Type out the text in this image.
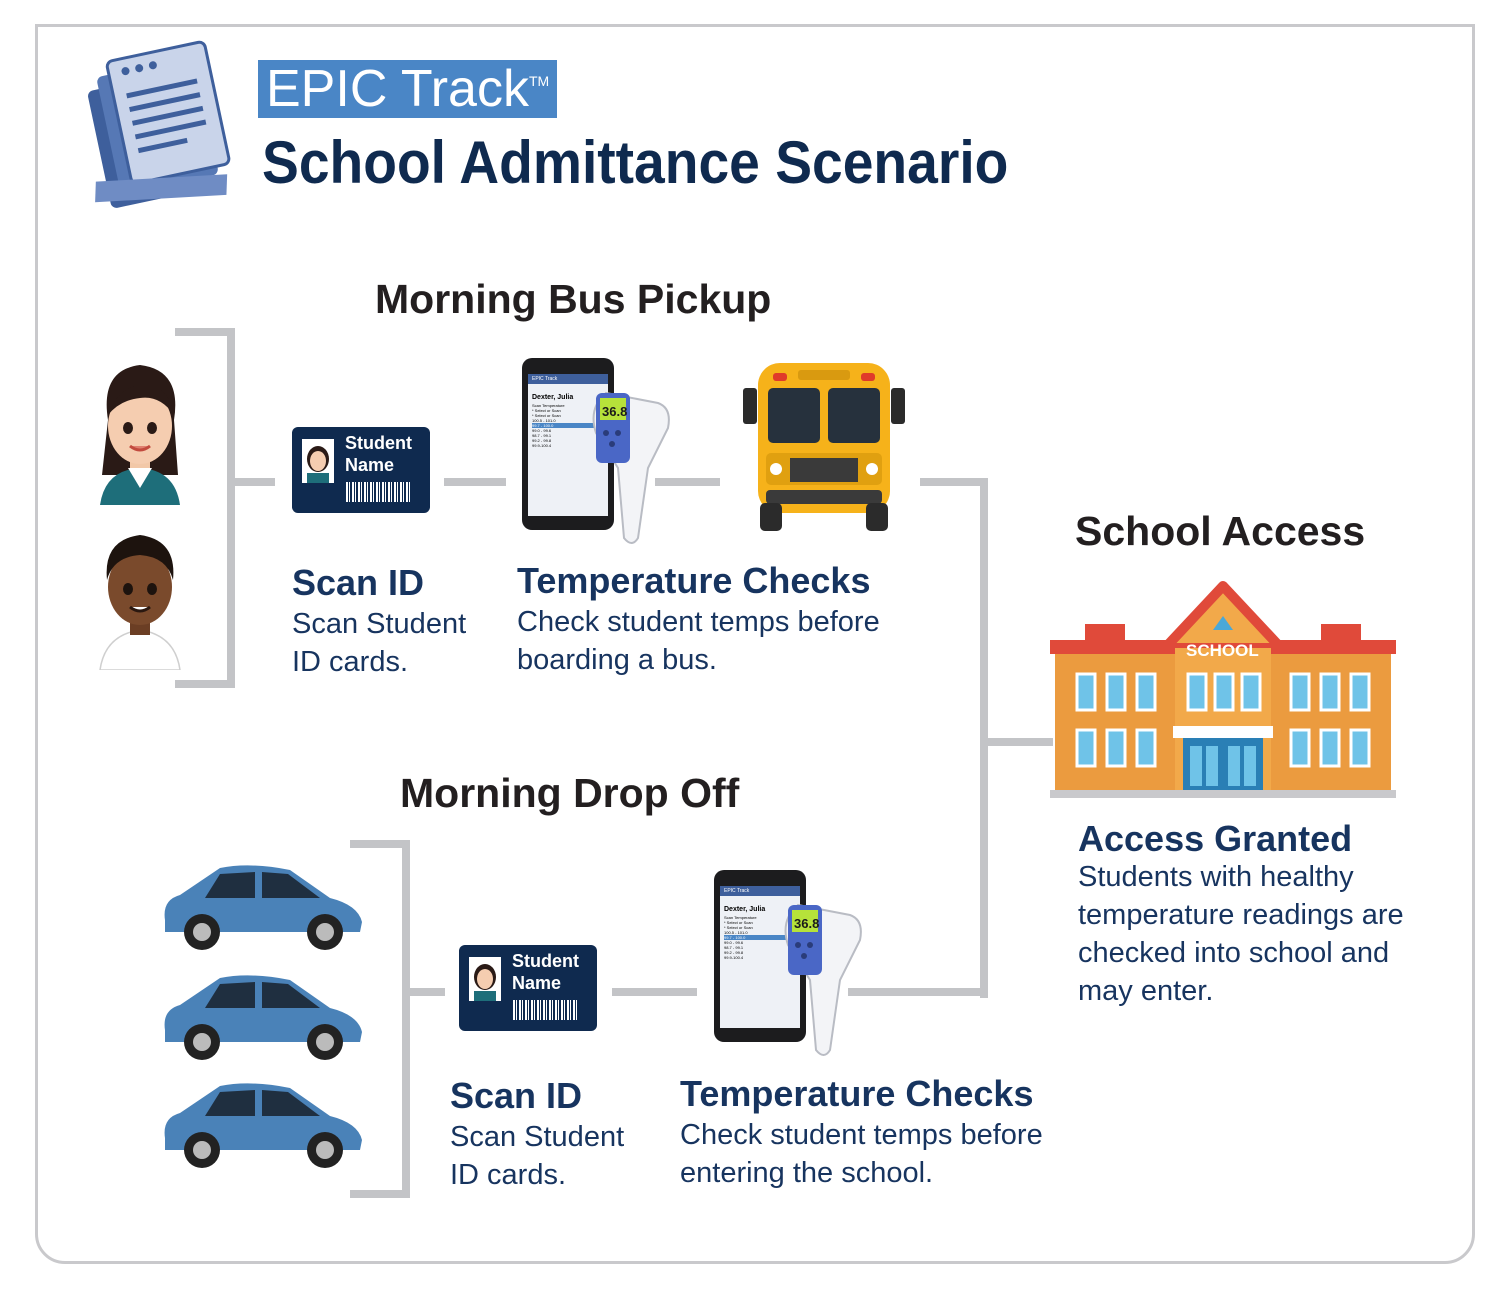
EPIC Track™
School Admittance Scenario
Morning Bus Pickup
Morning Drop Off
School Access
Student
Name
Student
Name
EPIC Track
Dexter, Julia
Scan Temperature
* Select or Scan
* Select or Scan
100.5 - 101.0
99.7 - 100.0
99.0 - 99.6
98.7 - 99.1
99.2 - 99.8
99.9-100.4
36.8
EPIC Track
Dexter, Julia
Scan Temperature
* Select or Scan
* Select or Scan
100.5 - 101.0
99.7 - 100.0
99.0 - 99.6
98.7 - 99.1
99.2 - 99.8
99.9-100.4
36.8
SCHOOL
Scan ID
Scan Student ID cards.
Temperature Checks
Check student temps before boarding a bus.
Scan ID
Scan Student ID cards.
Temperature Checks
Check student temps before entering the school.
Access Granted
Students with healthy temperature readings are checked into school and may enter.
